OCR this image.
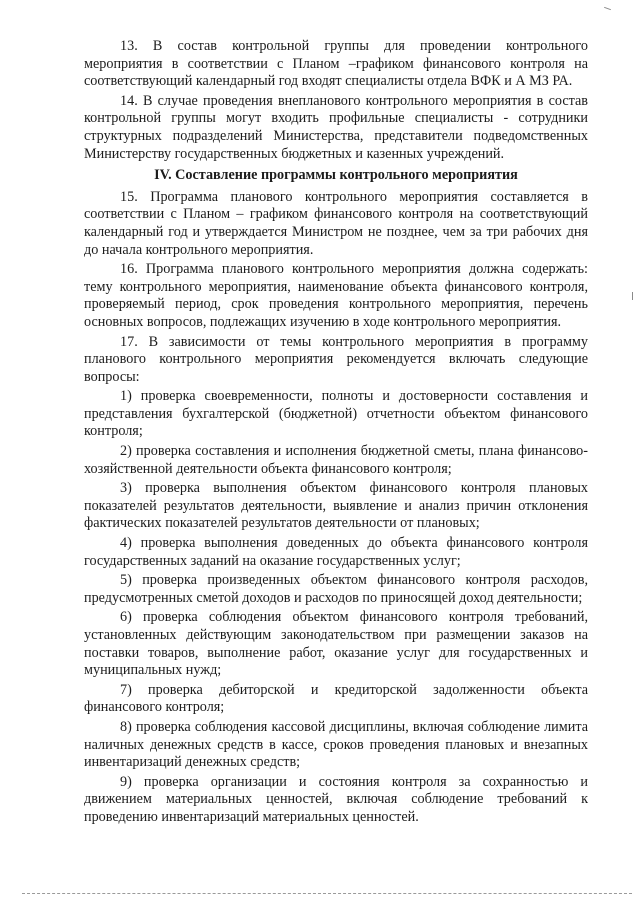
13. В состав контрольной группы для проведении контрольного мероприятия в соответствии с Планом –графиком финансового контроля на соответствующий календарный год входят специалисты отдела ВФК и А МЗ РА.

14. В случае проведения внепланового контрольного мероприятия в состав контрольной группы могут входить профильные специалисты - сотрудники структурных подразделений Министерства, представители подведомственных Министерству государственных бюджетных и казенных учреждений.

IV. Составление программы контрольного мероприятия

15. Программа планового контрольного мероприятия составляется в соответствии с Планом – графиком финансового контроля на соответствующий календарный год и утверждается Министром не позднее, чем за три рабочих дня до начала контрольного мероприятия.

16. Программа планового контрольного мероприятия должна содержать: тему контрольного мероприятия, наименование объекта финансового контроля, проверяемый период, срок проведения контрольного мероприятия, перечень основных вопросов, подлежащих изучению в ходе контрольного мероприятия.

17. В зависимости от темы контрольного мероприятия в программу планового контрольного мероприятия рекомендуется включать следующие вопросы:

1) проверка своевременности, полноты и достоверности составления и представления бухгалтерской (бюджетной) отчетности объектом финансового контроля;

2) проверка составления и исполнения бюджетной сметы, плана финансово-хозяйственной деятельности объекта финансового контроля;

3) проверка выполнения объектом финансового контроля плановых показателей результатов деятельности, выявление и анализ причин отклонения фактических показателей результатов деятельности от плановых;

4) проверка выполнения доведенных до объекта финансового контроля государственных заданий на оказание государственных услуг;

5) проверка произведенных объектом финансового контроля расходов, предусмотренных сметой доходов и расходов по приносящей доход деятельности;

6) проверка соблюдения объектом финансового контроля требований, установленных действующим законодательством при размещении заказов на поставки товаров, выполнение работ, оказание услуг для государственных и муниципальных нужд;

7) проверка дебиторской и кредиторской задолженности объекта финансового контроля;

8) проверка соблюдения кассовой дисциплины, включая соблюдение лимита наличных денежных средств в кассе, сроков проведения плановых и внезапных инвентаризаций денежных средств;

9) проверка организации и состояния контроля за сохранностью и движением материальных ценностей, включая соблюдение требований к проведению инвентаризаций материальных ценностей.
